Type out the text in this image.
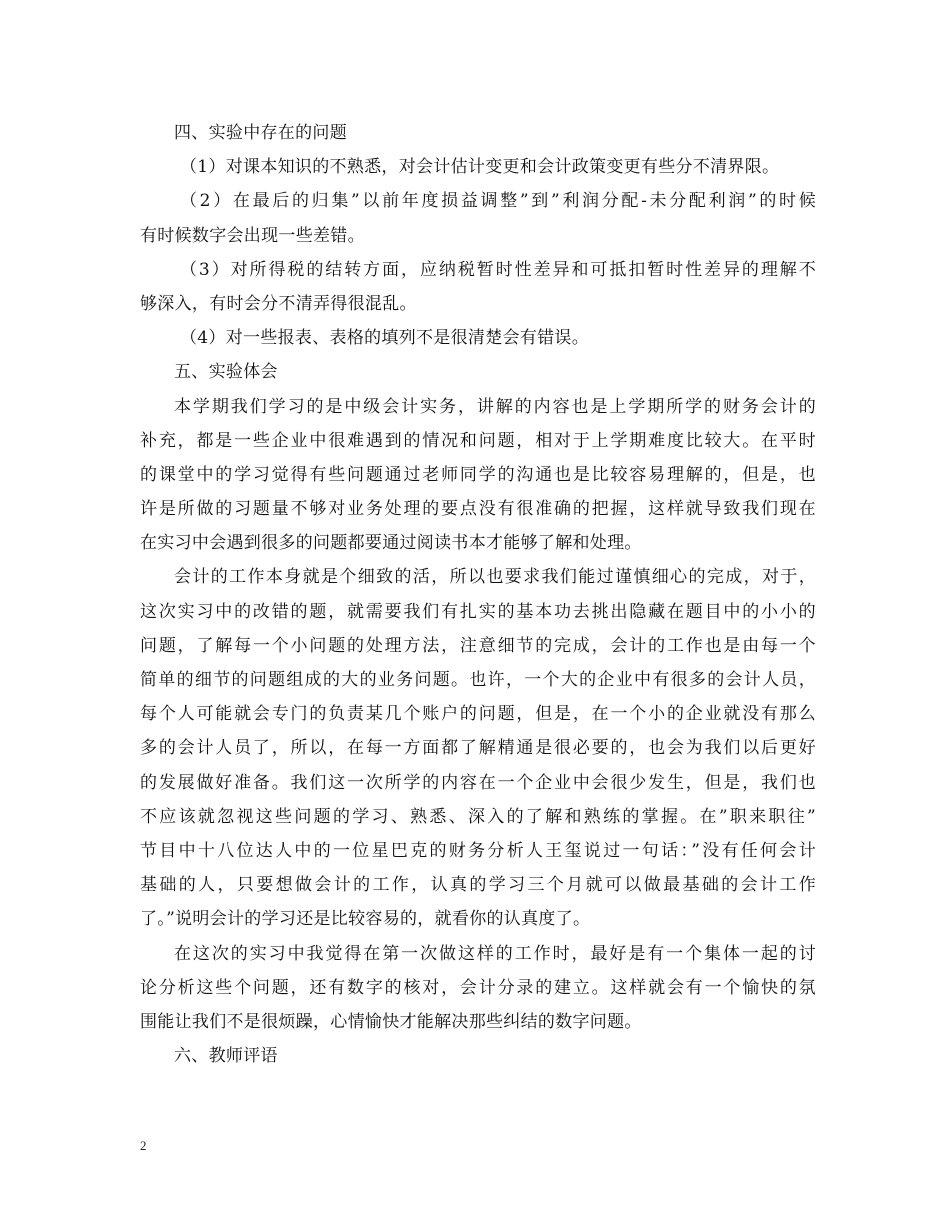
四、实验中存在的问题
（1）对课本知识的不熟悉，对会计估计变更和会计政策变更有些分不清界限。
（2）在最后的归集”以前年度损益调整”到”利润分配-未分配利润”的时候
有时候数字会出现一些差错。
（3）对所得税的结转方面，应纳税暂时性差异和可抵扣暂时性差异的理解不
够深入，有时会分不清弄得很混乱。
（4）对一些报表、表格的填列不是很清楚会有错误。
五、实验体会
本学期我们学习的是中级会计实务，讲解的内容也是上学期所学的财务会计的
补充，都是一些企业中很难遇到的情况和问题，相对于上学期难度比较大。在平时
的课堂中的学习觉得有些问题通过老师同学的沟通也是比较容易理解的，但是，也
许是所做的习题量不够对业务处理的要点没有很准确的把握，这样就导致我们现在
在实习中会遇到很多的问题都要通过阅读书本才能够了解和处理。
会计的工作本身就是个细致的活，所以也要求我们能过谨慎细心的完成，对于，
这次实习中的改错的题，就需要我们有扎实的基本功去挑出隐藏在题目中的小小的
问题，了解每一个小问题的处理方法，注意细节的完成，会计的工作也是由每一个
简单的细节的问题组成的大的业务问题。也许，一个大的企业中有很多的会计人员，
每个人可能就会专门的负责某几个账户的问题，但是，在一个小的企业就没有那么
多的会计人员了，所以，在每一方面都了解精通是很必要的，也会为我们以后更好
的发展做好准备。我们这一次所学的内容在一个企业中会很少发生，但是，我们也
不应该就忽视这些问题的学习、熟悉、深入的了解和熟练的掌握。在”职来职往”
节目中十八位达人中的一位星巴克的财务分析人王玺说过一句话：”没有任何会计
基础的人，只要想做会计的工作，认真的学习三个月就可以做最基础的会计工作
了。”说明会计的学习还是比较容易的，就看你的认真度了。
在这次的实习中我觉得在第一次做这样的工作时，最好是有一个集体一起的讨
论分析这些个问题，还有数字的核对，会计分录的建立。这样就会有一个愉快的氛
围能让我们不是很烦躁，心情愉快才能解决那些纠结的数字问题。
六、教师评语
2
